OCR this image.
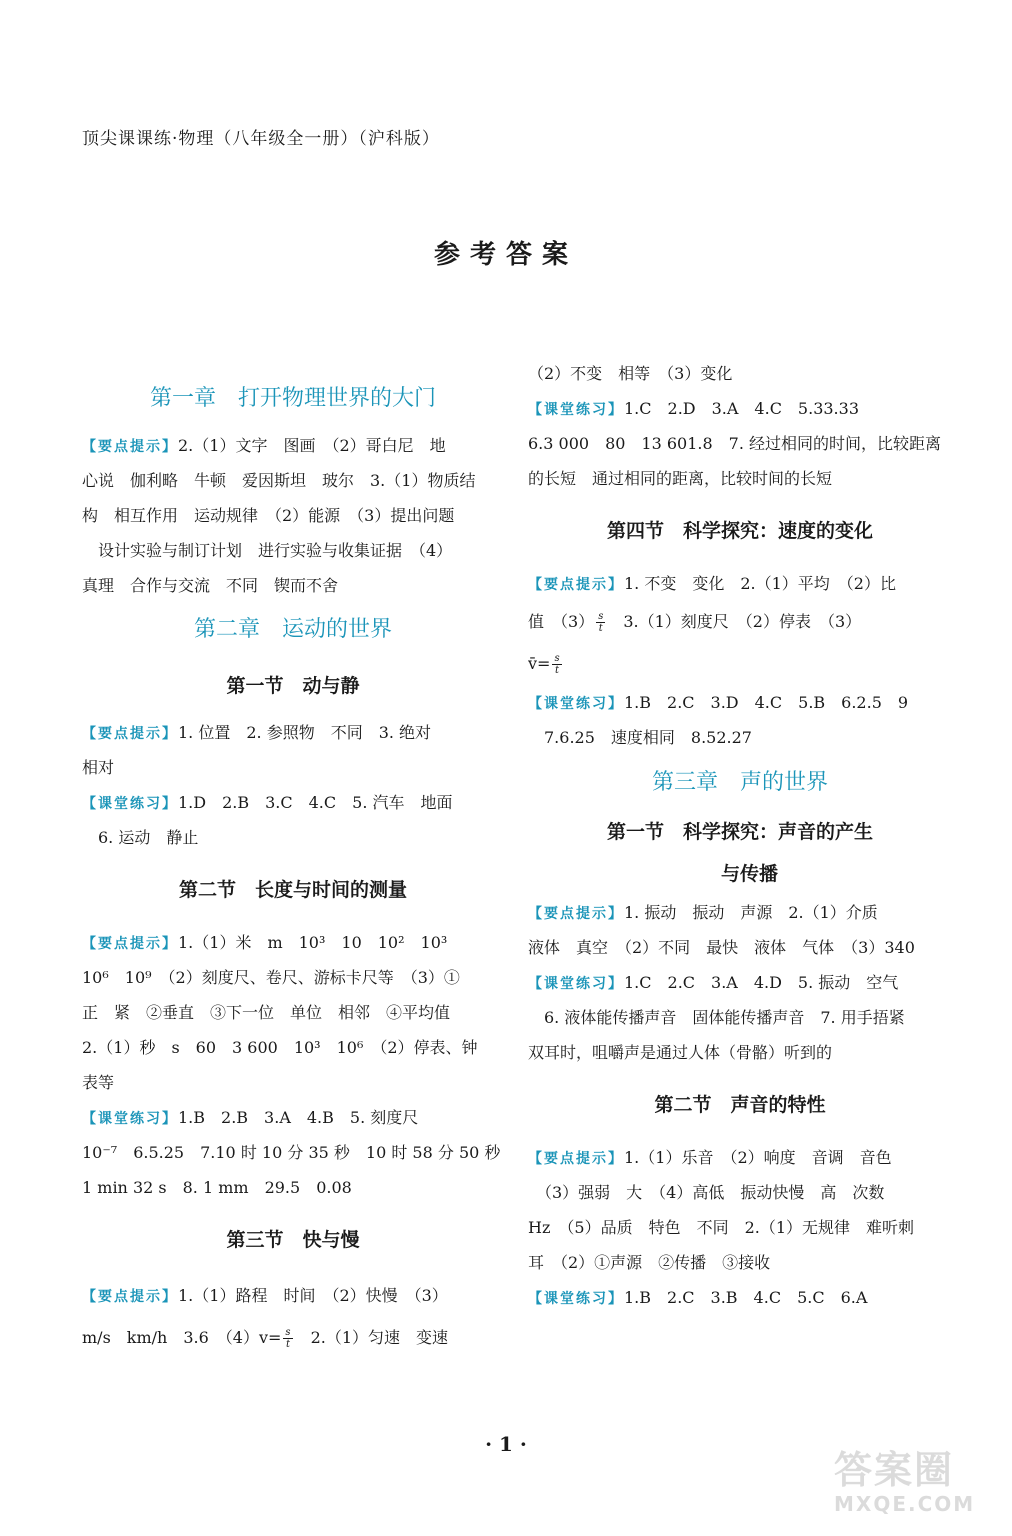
顶尖课课练·物理（八年级全一册）（沪科版）
参考答案
第一章　打开物理世界的大门
【要点提示】2.（1）文字　图画　（2）哥白尼　地
心说　伽利略　牛顿　爱因斯坦　玻尔　3.（1）物质结
构　相互作用　运动规律　（2）能源　（3）提出问题
　设计实验与制订计划　进行实验与收集证据　（4）
真理　合作与交流　不同　锲而不舍
第二章　运动的世界
第一节　动与静
【要点提示】1. 位置　2. 参照物　不同　3. 绝对
相对
【课堂练习】1.D　2.B　3.C　4.C　5. 汽车　地面
　6. 运动　静止
第二节　长度与时间的测量
【要点提示】1.（1）米　m　10³　10　10²　10³
10⁶　10⁹　（2）刻度尺、卷尺、游标卡尺等　（3）①
正　紧　②垂直　③下一位　单位　相邻　④平均值
2.（1）秒　s　60　3 600　10³　10⁶　（2）停表、钟
表等
【课堂练习】1.B　2.B　3.A　4.B　5. 刻度尺
10⁻⁷　6.5.25　7.10 时 10 分 35 秒　10 时 58 分 50 秒
1 min 32 s　8. 1 mm　29.5　0.08
第三节　快与慢
【要点提示】1.（1）路程　时间　（2）快慢　（3）
m/s　km/h　3.6　$(4)v= \frac{s}{t}$ 　2.（1）匀速　变速
（2）不变　相等　（3）变化
【课堂练习】1.C　2.D　3.A　4.C　5.33.33
6.3 000　80　13 601.8　7. 经过相同的时间，比较距离
的长短　通过相同的距离，比较时间的长短
第四节　科学探究：速度的变化
【要点提示】1. 不变　变化　2.（1）平均　（2）比
值　$(3) \frac{s}{t}$ 　3.（1）刻度尺　（2）停表　（3）
v̄= $\frac{s}{t}$
【课堂练习】1.B　2.C　3.D　4.C　5.B　6.2.5　9
　7.6.25　速度相同　8.52.27
第三章　声的世界
第一节　科学探究：声音的产生
　与传播
【要点提示】1. 振动　振动　声源　2.（1）介质
液体　真空　（2）不同　最快　液体　气体　（3）340
【课堂练习】1.C　2.C　3.A　4.D　5. 振动　空气
　6. 液体能传播声音　固体能传播声音　7. 用手捂紧
双耳时，咀嚼声是通过人体（骨骼）听到的
第二节　声音的特性
【要点提示】1.（1）乐音　（2）响度　音调　音色
　（3）强弱　大　（4）高低　振动快慢　高　次数
Hz　（5）品质　特色　不同　2.（1）无规律　难听刺
耳　（2）①声源　②传播　③接收
【课堂练习】1.B　2.C　3.B　4.C　5.C　6.A
· 1 ·
答案圈
MXQE.COM
